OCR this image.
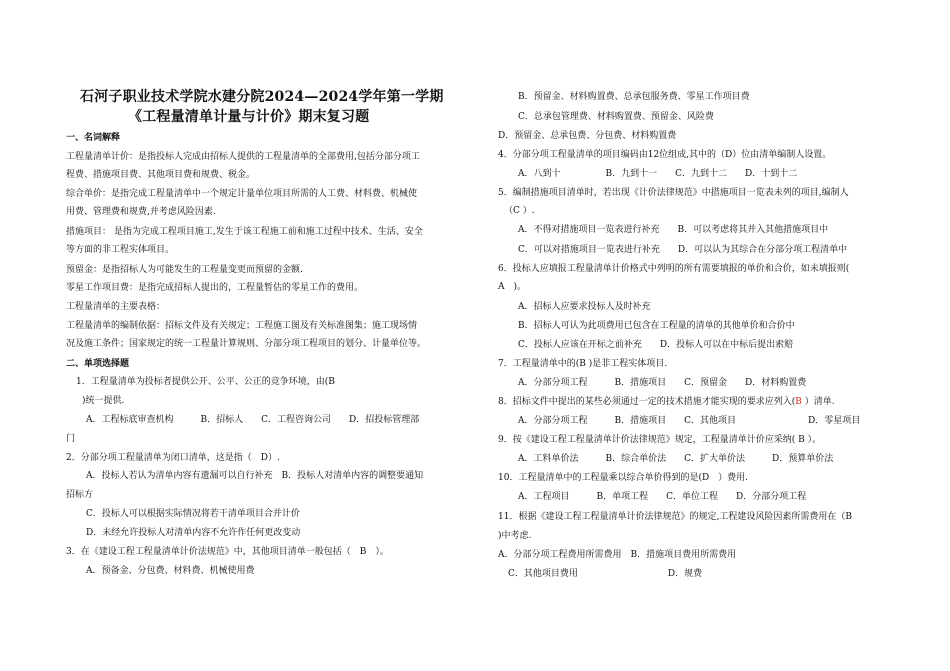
石河子职业技术学院水建分院2024—2024学年第一学期
《工程量清单计量与计价》期末复习题
一、名词解释
工程量清单计价：是指投标人完成由招标人提供的工程量清单的全部费用,包括分部分项工
程费、措施项目费、其他项目费和规费、税金。
综合单价：是指完成工程量清单中一个规定计量单位项目所需的人工费、材料费、机械使
用费、管理费和规费,并考虑风险因素.
措施项目： 是指为完成工程项目施工,发生于该工程施工前和施工过程中技术、生活、安全
等方面的非工程实体项目。
预留金：是指招标人为可能发生的工程量变更而预留的金额.
零星工作项目费：是指完成招标人提出的，工程量暂估的零星工作的费用。
工程量清单的主要表格：
工程量清单的编制依据：招标文件及有关规定；工程施工图及有关标准图集；施工现场情
况及施工条件；国家规定的统一工程量计算规则、分部分项工程项目的划分、计量单位等。
二、单项选择题
1．工程量清单为投标者提供公开、公平、公正的竞争环境，由(B
)统一提供.
A．工程标底审查机构　　　B．招标人　　C．工程咨询公司　　D．招投标管理部
门
2．分部分项工程量清单为闭口清单，这是指（　D）.
A．投标人若认为清单内容有遗漏可以自行补充　B．投标人对清单内容的调整要通知
招标方
C．投标人可以根据实际情况将若干清单项目合并计价
D．未经允许投标人对清单内容不允许作任何更改变动
3．在《建设工程工程量清单计价法规范》中，其他项目清单一般包括（　B　）。
A．预备金、分包费、材料费、机械使用费
B．预留金、材料购置费、总承包服务费、零星工作项目费
C．总承包管理费、材料购置费、预留金、风险费
D．预留金、总承包费、分包费、材料购置费
4．分部分项工程量清单的项目编码由12位组成,其中的（D）位由清单编制人设置。
A．八到十　　　　　B．九到十一　　C．九到十二　　D．十到十二
5．编制措施项目清单时，若出现《计价法律规范》中措施项目一览表未列的项目,编制人
（C ）.
A．不得对措施项目一览表进行补充　　B．可以考虑将其并入其他措施项目中
C．可以对措施项目一览表进行补充　　D．可以认为其综合在分部分项工程清单中
6．投标人应填报工程量清单计价格式中列明的所有需要填报的单价和合价，如未填报则(
A　)。
A．招标人应要求投标人及时补充
B．招标人可认为此项费用已包含在工程量的清单的其他单价和合价中
C．投标人应该在开标之前补充　　D．投标人可以在中标后提出索赔
7．工程量清单中的(B )是非工程实体项目.
A．分部分项工程　　　B．措施项目　　C．预留金　　D．材料购置费
8．招标文件中提出的某些必须通过一定的技术措施才能实现的要求应列入(B ）清单.
A．分部分项工程　　　B．措施项目　　C．其他项目　　　　　　　　D．零星项目
9．按《建设工程工程量清单计价法律规范》规定，工程量清单计价应采纳( B ）。
A．工料单价法　　　B．综合单价法　　C．扩大单价法　　　D．预算单价法
10．工程量清单中的工程量乘以综合单价得到的是(D　）费用.
A．工程项目　　　B．单项工程　　C．单位工程　　D．分部分项工程
11．根据《建设工程工程量清单计价法律规范》的规定,工程建设风险因素所需费用在（B
)中考虑.
A．分部分项工程费用所需费用　B．措施项目费用所需费用
C．其他项目费用　　　　　　　　　　D．规费
